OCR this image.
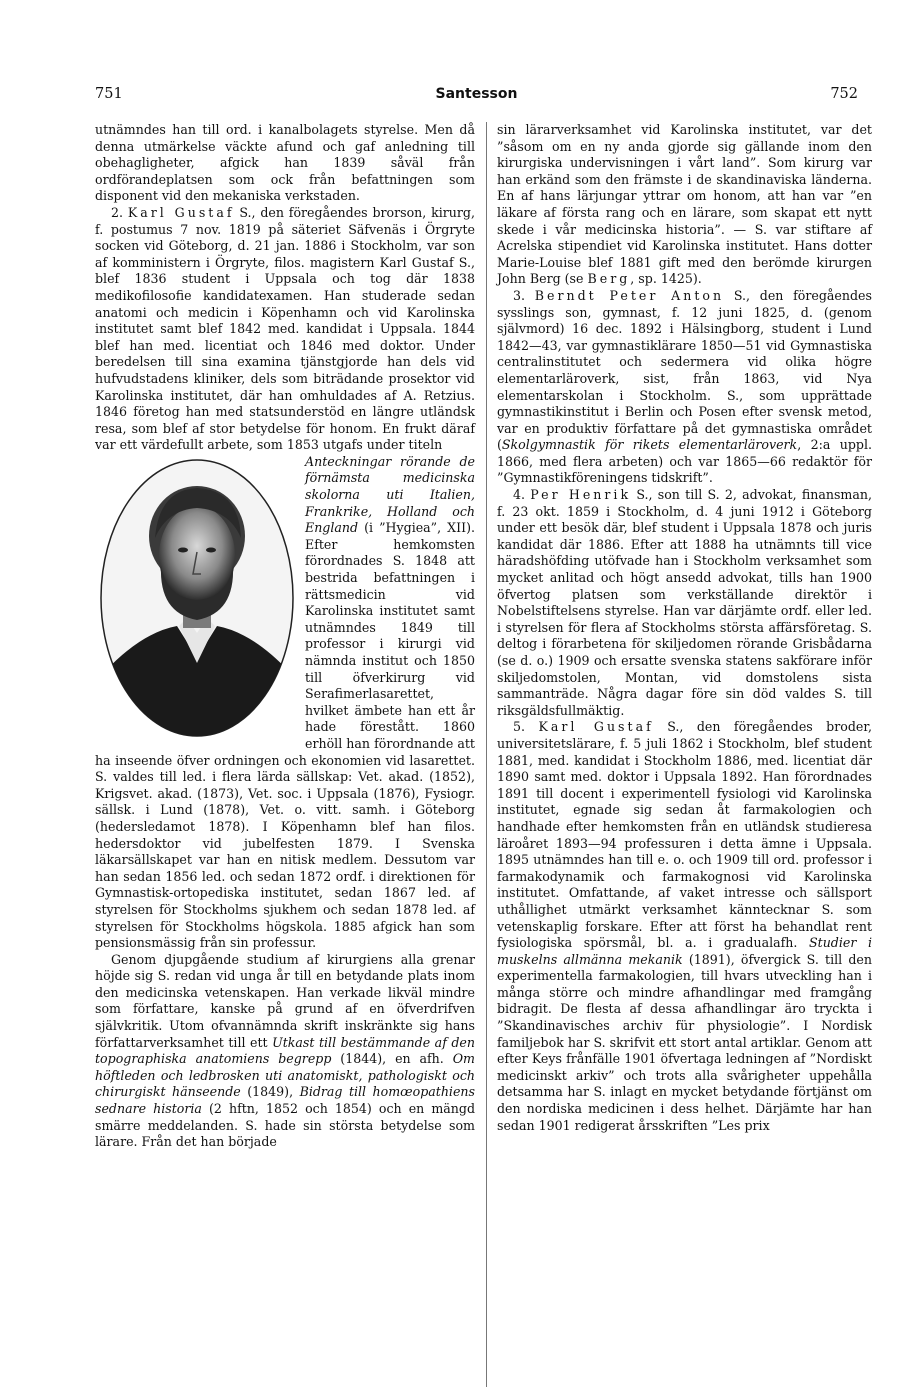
751	Santesson	752

utnämndes han till ord. i kanalbolagets styrelse. Men då denna utmärkelse väckte afund och gaf anledning till obehagligheter, afgick han 1839 såväl från ordförandeplatsen som ock från befattningen som disponent vid den mekaniska verkstaden.

2. Karl Gustaf S., den föregåendes brorson, kirurg, f. postumus 7 nov. 1819 på säteriet Säfvenäs i Örgryte socken vid Göteborg, d. 21 jan. 1886 i Stockholm, var son af komministern i Örgryte, filos. magistern Karl Gustaf S., blef 1836 student i Uppsala och tog där 1838 medikofilosofie kandidatexamen. Han studerade sedan anatomi och medicin i Köpenhamn och vid Karolinska institutet samt blef 1842 med. kandidat i Uppsala. 1844 blef han med. licentiat och 1846 med doktor. Under beredelsen till sina examina tjänstgjorde han dels vid hufvudstadens kliniker, dels som biträdande prosektor vid Karolinska institutet, där han omhuldades af A. Retzius. 1846 företog han med statsunderstöd en längre utländsk resa, som blef af stor betydelse för honom. En frukt däraf var ett värdefullt arbete, som 1853 utgafs under titeln

Anteckningar rörande de förnämsta medicinska skolorna uti Italien, Frankrike, Holland och England (i ”Hygiea”, XII). Efter hemkomsten förordnades S. 1848 att bestrida befattningen i rättsmedicin vid Karolinska institutet samt utnämndes 1849 till professor i kirurgi vid nämnda institut och 1850 till öfverkirurg vid Serafimerlasarettet, hvilket ämbete han ett år hade förestått. 1860 erhöll han förordnande att ha inseende öfver ordningen och ekonomien vid lasarettet. S. valdes till led. i flera lärda sällskap: Vet. akad. (1852), Krigsvet. akad. (1873), Vet. soc. i Uppsala (1876), Fysiogr. sällsk. i Lund (1878), Vet. o. vitt. samh. i Göteborg (hedersledamot 1878). I Köpenhamn blef han filos. hedersdoktor vid jubelfesten 1879. I Svenska läkarsällskapet var han en nitisk medlem. Dessutom var han sedan 1856 led. och sedan 1872 ordf. i direktionen för Gymnastisk-ortopediska institutet, sedan 1867 led. af styrelsen för Stockholms sjukhem och sedan 1878 led. af styrelsen för Stockholms högskola. 1885 afgick han som pensionsmässig från sin professur.

Genom djupgående studium af kirurgiens alla grenar höjde sig S. redan vid unga år till en betydande plats inom den medicinska vetenskapen. Han verkade likväl mindre som författare, kanske på grund af en öfverdrifven självkritik. Utom ofvannämnda skrift inskränkte sig hans författarverksamhet till ett Utkast till bestämmande af den topographiska anatomiens begrepp (1844), en afh. Om höftleden och ledbrosken uti anatomiskt, pathologiskt och chirurgiskt hänseende (1849), Bidrag till homœopathiens sednare historia (2 hftn, 1852 och 1854) och en mängd smärre meddelanden. S. hade sin största betydelse som lärare. Från det han började

sin lärarverksamhet vid Karolinska institutet, var det ”såsom om en ny anda gjorde sig gällande inom den kirurgiska undervisningen i vårt land”. Som kirurg var han erkänd som den främste i de skandinaviska länderna. En af hans lärjungar yttrar om honom, att han var ”en läkare af första rang och en lärare, som skapat ett nytt skede i vår medicinska historia”. — S. var stiftare af Acrelska stipendiet vid Karolinska institutet. Hans dotter Marie-Louise blef 1881 gift med den berömde kirurgen John Berg (se Berg, sp. 1425).

3. Berndt Peter Anton S., den föregåendes sysslings son, gymnast, f. 12 juni 1825, d. (genom självmord) 16 dec. 1892 i Hälsingborg, student i Lund 1842—43, var gymnastiklärare 1850—51 vid Gymnastiska centralinstitutet och sedermera vid olika högre elementarläroverk, sist, från 1863, vid Nya elementarskolan i Stockholm. S., som upprättade gymnastikinstitut i Berlin och Posen efter svensk metod, var en produktiv författare på det gymnastiska området (Skolgymnastik för rikets elementarläroverk, 2:a uppl. 1866, med flera arbeten) och var 1865—66 redaktör för ”Gymnastikföreningens tidskrift”.

4. Per Henrik S., son till S. 2, advokat, finansman, f. 23 okt. 1859 i Stockholm, d. 4 juni 1912 i Göteborg under ett besök där, blef student i Uppsala 1878 och juris kandidat där 1886. Efter att 1888 ha utnämnts till vice häradshöfding utöfvade han i Stockholm verksamhet som mycket anlitad och högt ansedd advokat, tills han 1900 öfvertog platsen som verkställande direktör i Nobelstiftelsens styrelse. Han var därjämte ordf. eller led. i styrelsen för flera af Stockholms största affärsföretag. S. deltog i förarbetena för skiljedomen rörande Grisbådarna (se d. o.) 1909 och ersatte svenska statens sakförare inför skiljedomstolen, Montan, vid domstolens sista sammanträde. Några dagar före sin död valdes S. till riksgäldsfullmäktig.

5. Karl Gustaf S., den föregåendes broder, universitetslärare, f. 5 juli 1862 i Stockholm, blef student 1881, med. kandidat i Stockholm 1886, med. licentiat där 1890 samt med. doktor i Uppsala 1892. Han förordnades 1891 till docent i experimentell fysiologi vid Karolinska institutet, egnade sig sedan åt farmakologien och handhade efter hemkomsten från en utländsk studieresa läroåret 1893—94 professuren i detta ämne i Uppsala. 1895 utnämndes han till e. o. och 1909 till ord. professor i farmakodynamik och farmakognosi vid Karolinska institutet. Omfattande, af vaket intresse och sällsport uthållighet utmärkt verksamhet känntecknar S. som vetenskaplig forskare. Efter att först ha behandlat rent fysiologiska spörsmål, bl. a. i gradualafh. Studier i muskelns allmänna mekanik (1891), öfvergick S. till den experimentella farmakologien, till hvars utveckling han i många större och mindre afhandlingar med framgång bidragit. De flesta af dessa afhandlingar äro tryckta i ”Skandinavisches archiv für physiologie”. I Nordisk familjebok har S. skrifvit ett stort antal artiklar. Genom att efter Keys frånfälle 1901 öfvertaga ledningen af ”Nordiskt medicinskt arkiv” och trots alla svårigheter uppehålla detsamma har S. inlagt en mycket betydande förtjänst om den nordiska medicinen i dess helhet. Därjämte har han sedan 1901 redigerat årsskriften ”Les prix
